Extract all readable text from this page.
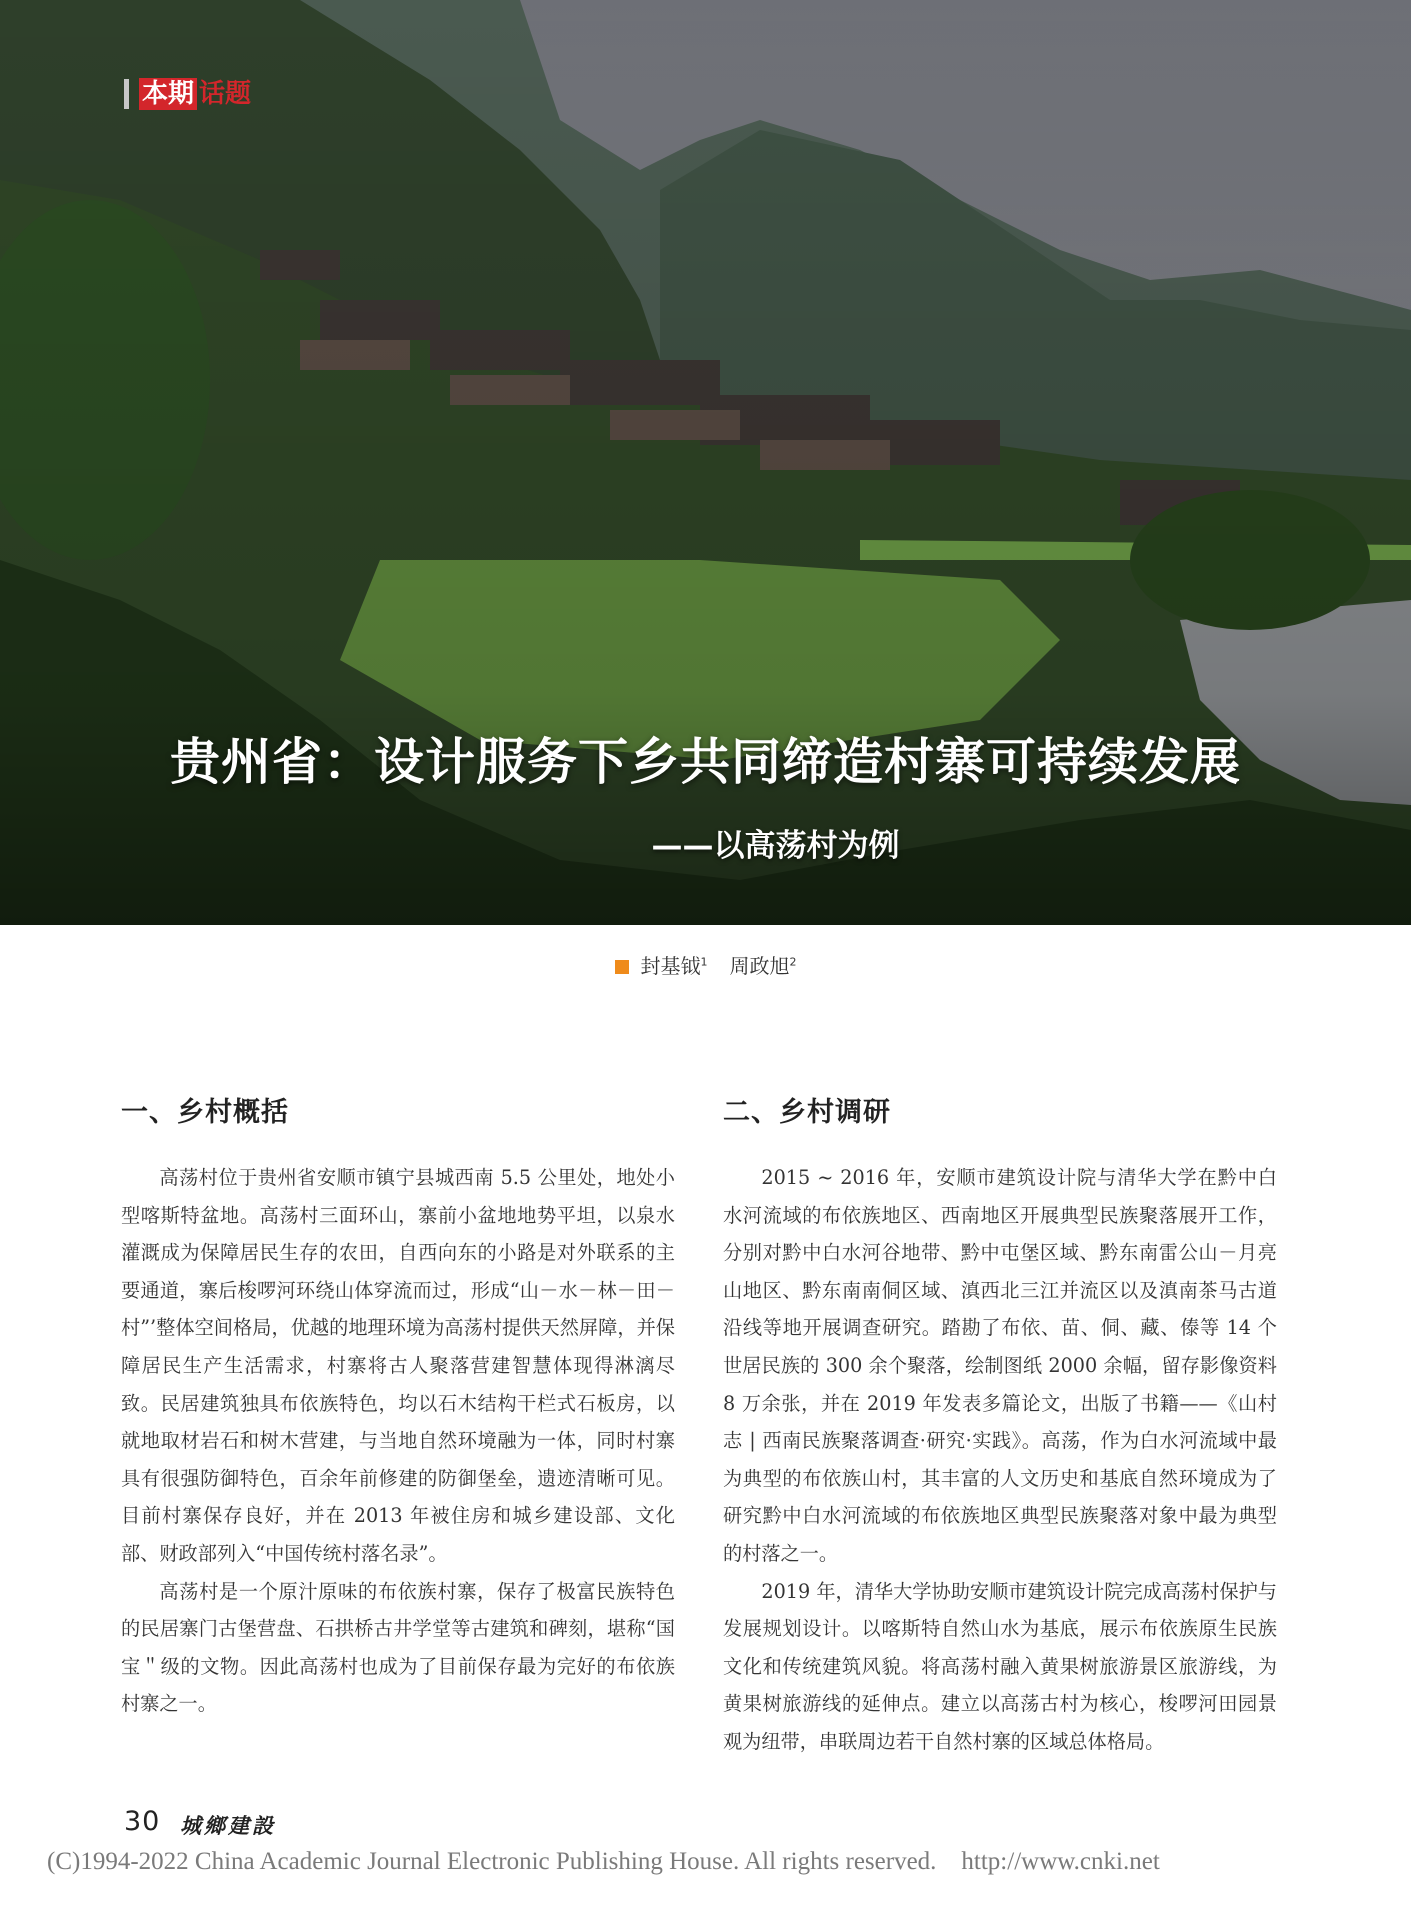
本期 话题
贵州省：设计服务下乡共同缔造村寨可持续发展
——以高荡村为例
封基钺$^1$ 周政旭$^2$
一、乡村概括

高荡村位于贵州省安顺市镇宁县城西南 5.5 公里处，地处小型喀斯特盆地。高荡村三面环山，寨前小盆地地势平坦，以泉水灌溉成为保障居民生存的农田，自西向东的小路是对外联系的主要通道，寨后梭啰河环绕山体穿流而过，形成“山－水－林－田－村”’整体空间格局，优越的地理环境为高荡村提供天然屏障，并保障居民生产生活需求，村寨将古人聚落营建智慧体现得淋漓尽致。民居建筑独具布依族特色，均以石木结构干栏式石板房，以就地取材岩石和树木营建，与当地自然环境融为一体，同时村寨具有很强防御特色，百余年前修建的防御堡垒，遗迹清晰可见。目前村寨保存良好，并在 2013 年被住房和城乡建设部、文化部、财政部列入“中国传统村落名录”。

高荡村是一个原汁原味的布依族村寨，保存了极富民族特色的民居寨门古堡营盘、石拱桥古井学堂等古建筑和碑刻，堪称“国宝＂级的文物。因此高荡村也成为了目前保存最为完好的布依族村寨之一。

二、乡村调研

2015 ~ 2016 年，安顺市建筑设计院与清华大学在黔中白水河流域的布依族地区、西南地区开展典型民族聚落展开工作，分别对黔中白水河谷地带、黔中屯堡区域、黔东南雷公山－月亮山地区、黔东南南侗区域、滇西北三江并流区以及滇南茶马古道沿线等地开展调查研究。踏勘了布依、苗、侗、藏、傣等 14 个世居民族的 300 余个聚落，绘制图纸 2000 余幅，留存影像资料 8 万余张，并在 2019 年发表多篇论文，出版了书籍——《山村志 | 西南民族聚落调查·研究·实践》。高荡，作为白水河流域中最为典型的布依族山村，其丰富的人文历史和基底自然环境成为了研究黔中白水河流域的布依族地区典型民族聚落对象中最为典型的村落之一。

2019 年，清华大学协助安顺市建筑设计院完成高荡村保护与发展规划设计。以喀斯特自然山水为基底，展示布依族原生民族文化和传统建筑风貌。将高荡村融入黄果树旅游景区旅游线，为黄果树旅游线的延伸点。建立以高荡古村为核心，梭啰河田园景观为纽带，串联周边若干自然村寨的区域总体格局。

30 城鄉建設
(C)1994-2022 China Academic Journal Electronic Publishing House. All rights reserved.    http://www.cnki.net
